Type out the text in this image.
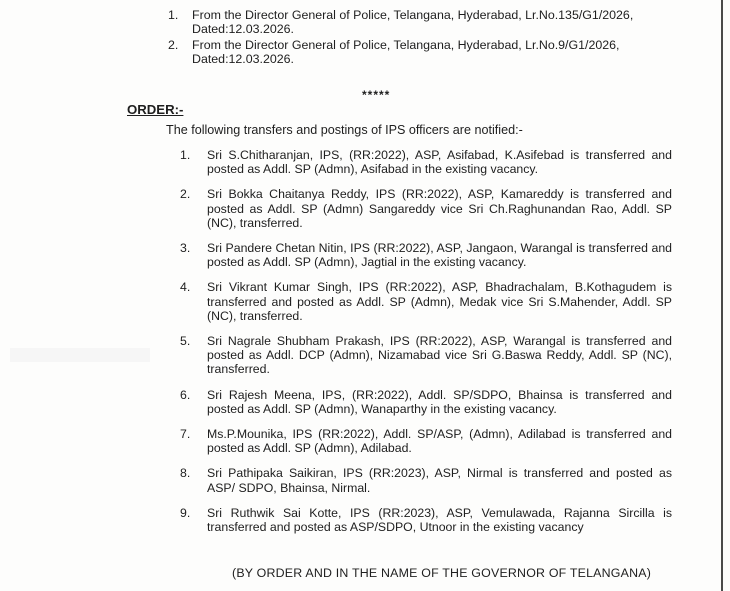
1.	From the Director General of Police, Telangana, Hyderabad, Lr.No.135/G1/2026, Dated:12.03.2026.
2.	From the Director General of Police, Telangana, Hyderabad, Lr.No.9/G1/2026, Dated:12.03.2026.
*****
ORDER:-
The following transfers and postings of IPS officers are notified:-
1.	Sri S.Chitharanjan, IPS, (RR:2022), ASP, Asifabad, K.Asifebad is transferred and posted as Addl. SP (Admn), Asifabad in the existing vacancy.
2.	Sri Bokka Chaitanya Reddy, IPS (RR:2022), ASP, Kamareddy is transferred and posted as Addl. SP (Admn) Sangareddy vice Sri Ch.Raghunandan Rao, Addl. SP (NC), transferred.
3.	Sri Pandere Chetan Nitin, IPS (RR:2022), ASP, Jangaon, Warangal is transferred and posted as Addl. SP (Admn), Jagtial in the existing vacancy.
4.	Sri Vikrant Kumar Singh, IPS (RR:2022), ASP, Bhadrachalam, B.Kothagudem is transferred and posted as Addl. SP (Admn), Medak vice Sri S.Mahender, Addl. SP (NC), transferred.
5.	Sri Nagrale Shubham Prakash, IPS (RR:2022), ASP, Warangal is transferred and posted as Addl. DCP (Admn), Nizamabad vice Sri G.Baswa Reddy, Addl. SP (NC), transferred.
6.	Sri Rajesh Meena, IPS, (RR:2022), Addl. SP/SDPO, Bhainsa is transferred and posted as Addl. SP (Admn), Wanaparthy in the existing vacancy.
7.	Ms.P.Mounika, IPS (RR:2022), Addl. SP/ASP, (Admn), Adilabad is transferred and posted as Addl. SP (Admn), Adilabad.
8.	Sri Pathipaka Saikiran, IPS (RR:2023), ASP, Nirmal is transferred and posted as ASP/ SDPO, Bhainsa, Nirmal.
9.	Sri Ruthwik Sai Kotte, IPS (RR:2023), ASP, Vemulawada, Rajanna Sircilla is transferred and posted as ASP/SDPO, Utnoor in the existing vacancy
(BY ORDER AND IN THE NAME OF THE GOVERNOR OF TELANGANA)
